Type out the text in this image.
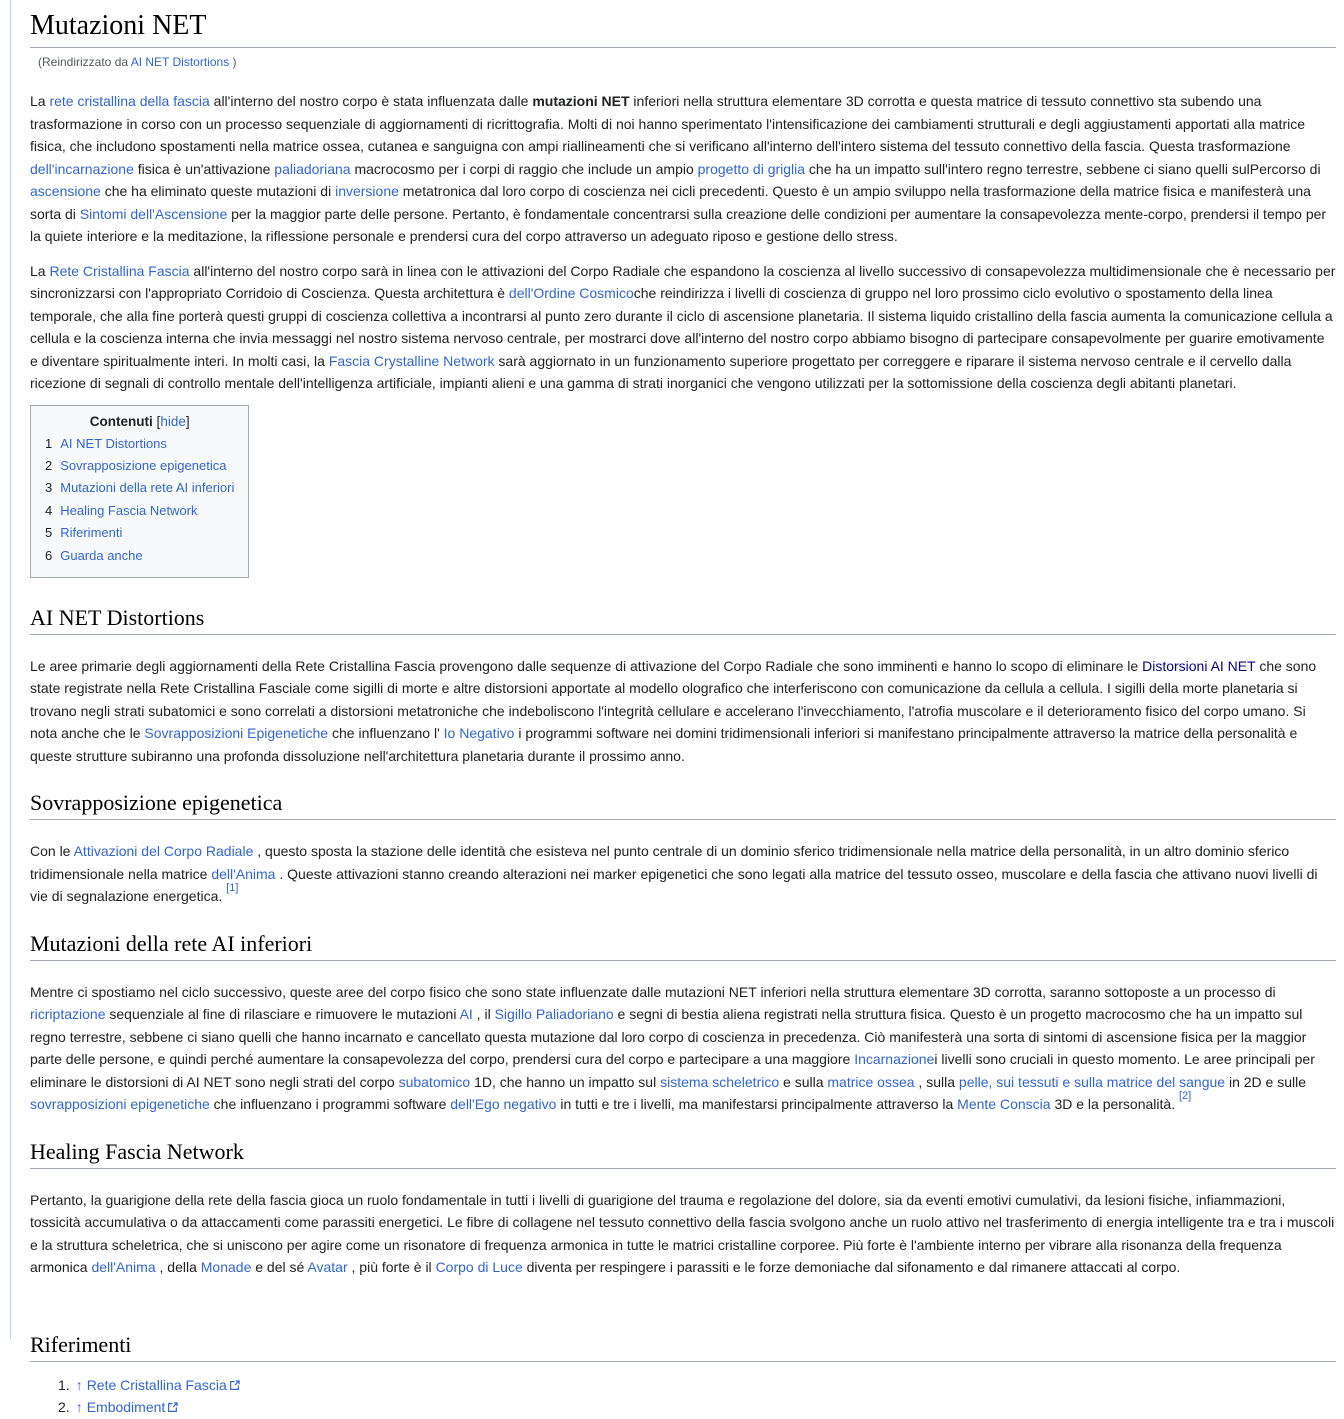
Mutazioni NET
(Reindirizzato da AI NET Distortions )

La rete cristallina della fascia all'interno del nostro corpo è stata influenzata dalle mutazioni NET inferiori nella struttura elementare 3D corrotta e questa matrice di tessuto connettivo sta subendo una trasformazione in corso con un processo sequenziale di aggiornamenti di ricrittografia. Molti di noi hanno sperimentato l'intensificazione dei cambiamenti strutturali e degli aggiustamenti apportati alla matrice fisica, che includono spostamenti nella matrice ossea, cutanea e sanguigna con ampi riallineamenti che si verificano all'interno dell'intero sistema del tessuto connettivo della fascia. Questa trasformazione dell'incarnazione fisica è un'attivazione paliadoriana macrocosmo per i corpi di raggio che include un ampio progetto di griglia che ha un impatto sull'intero regno terrestre, sebbene ci siano quelli sulPercorso di ascensione che ha eliminato queste mutazioni di inversione metatronica dal loro corpo di coscienza nei cicli precedenti. Questo è un ampio sviluppo nella trasformazione della matrice fisica e manifesterà una sorta di Sintomi dell'Ascensione per la maggior parte delle persone. Pertanto, è fondamentale concentrarsi sulla creazione delle condizioni per aumentare la consapevolezza mente-corpo, prendersi il tempo per la quiete interiore e la meditazione, la riflessione personale e prendersi cura del corpo attraverso un adeguato riposo e gestione dello stress.

La Rete Cristallina Fascia all'interno del nostro corpo sarà in linea con le attivazioni del Corpo Radiale che espandono la coscienza al livello successivo di consapevolezza multidimensionale che è necessario per sincronizzarsi con l'appropriato Corridoio di Coscienza. Questa architettura è dell'Ordine Cosmicoche reindirizza i livelli di coscienza di gruppo nel loro prossimo ciclo evolutivo o spostamento della linea temporale, che alla fine porterà questi gruppi di coscienza collettiva a incontrarsi al punto zero durante il ciclo di ascensione planetaria. Il sistema liquido cristallino della fascia aumenta la comunicazione cellula a cellula e la coscienza interna che invia messaggi nel nostro sistema nervoso centrale, per mostrarci dove all'interno del nostro corpo abbiamo bisogno di partecipare consapevolmente per guarire emotivamente e diventare spiritualmente interi. In molti casi, la Fascia Crystalline Network sarà aggiornato in un funzionamento superiore progettato per correggere e riparare il sistema nervoso centrale e il cervello dalla ricezione di segnali di controllo mentale dell'intelligenza artificiale, impianti alieni e una gamma di strati inorganici che vengono utilizzati per la sottomissione della coscienza degli abitanti planetari.

Contenuti [hide]
1 AI NET Distortions
2 Sovrapposizione epigenetica
3 Mutazioni della rete AI inferiori
4 Healing Fascia Network
5 Riferimenti
6 Guarda anche
AI NET Distortions

Le aree primarie degli aggiornamenti della Rete Cristallina Fascia provengono dalle sequenze di attivazione del Corpo Radiale che sono imminenti e hanno lo scopo di eliminare le Distorsioni AI NET che sono state registrate nella Rete Cristallina Fasciale come sigilli di morte e altre distorsioni apportate al modello olografico che interferiscono con comunicazione da cellula a cellula. I sigilli della morte planetaria si trovano negli strati subatomici e sono correlati a distorsioni metatroniche che indeboliscono l'integrità cellulare e accelerano l'invecchiamento, l'atrofia muscolare e il deterioramento fisico del corpo umano. Si nota anche che le Sovrapposizioni Epigenetiche che influenzano l' Io Negativo i programmi software nei domini tridimensionali inferiori si manifestano principalmente attraverso la matrice della personalità e queste strutture subiranno una profonda dissoluzione nell'architettura planetaria durante il prossimo anno.

Sovrapposizione epigenetica

Con le Attivazioni del Corpo Radiale , questo sposta la stazione delle identità che esisteva nel punto centrale di un dominio sferico tridimensionale nella matrice della personalità, in un altro dominio sferico tridimensionale nella matrice dell'Anima . Queste attivazioni stanno creando alterazioni nei marker epigenetici che sono legati alla matrice del tessuto osseo, muscolare e della fascia che attivano nuovi livelli di vie di segnalazione energetica. [1]

Mutazioni della rete AI inferiori

Mentre ci spostiamo nel ciclo successivo, queste aree del corpo fisico che sono state influenzate dalle mutazioni NET inferiori nella struttura elementare 3D corrotta, saranno sottoposte a un processo di ricriptazione sequenziale al fine di rilasciare e rimuovere le mutazioni AI , il Sigillo Paliadoriano e segni di bestia aliena registrati nella struttura fisica. Questo è un progetto macrocosmo che ha un impatto sul regno terrestre, sebbene ci siano quelli che hanno incarnato e cancellato questa mutazione dal loro corpo di coscienza in precedenza. Ciò manifesterà una sorta di sintomi di ascensione fisica per la maggior parte delle persone, e quindi perché aumentare la consapevolezza del corpo, prendersi cura del corpo e partecipare a una maggiore Incarnazionei livelli sono cruciali in questo momento. Le aree principali per eliminare le distorsioni di AI NET sono negli strati del corpo subatomico 1D, che hanno un impatto sul sistema scheletrico e sulla matrice ossea , sulla pelle, sui tessuti e sulla matrice del sangue in 2D e sulle sovrapposizioni epigenetiche che influenzano i programmi software dell'Ego negativo in tutti e tre i livelli, ma manifestarsi principalmente attraverso la Mente Conscia 3D e la personalità. [2]

Healing Fascia Network

Pertanto, la guarigione della rete della fascia gioca un ruolo fondamentale in tutti i livelli di guarigione del trauma e regolazione del dolore, sia da eventi emotivi cumulativi, da lesioni fisiche, infiammazioni, tossicità accumulativa o da attaccamenti come parassiti energetici. Le fibre di collagene nel tessuto connettivo della fascia svolgono anche un ruolo attivo nel trasferimento di energia intelligente tra e tra i muscoli e la struttura scheletrica, che si uniscono per agire come un risonatore di frequenza armonica in tutte le matrici cristalline corporee. Più forte è l'ambiente interno per vibrare alla risonanza della frequenza armonica dell'Anima , della Monade e del sé Avatar , più forte è il Corpo di Luce diventa per respingere i parassiti e le forze demoniache dal sifonamento e dal rimanere attaccati al corpo.

Riferimenti
1. ↑ Rete Cristallina Fascia
2. ↑ Embodiment
